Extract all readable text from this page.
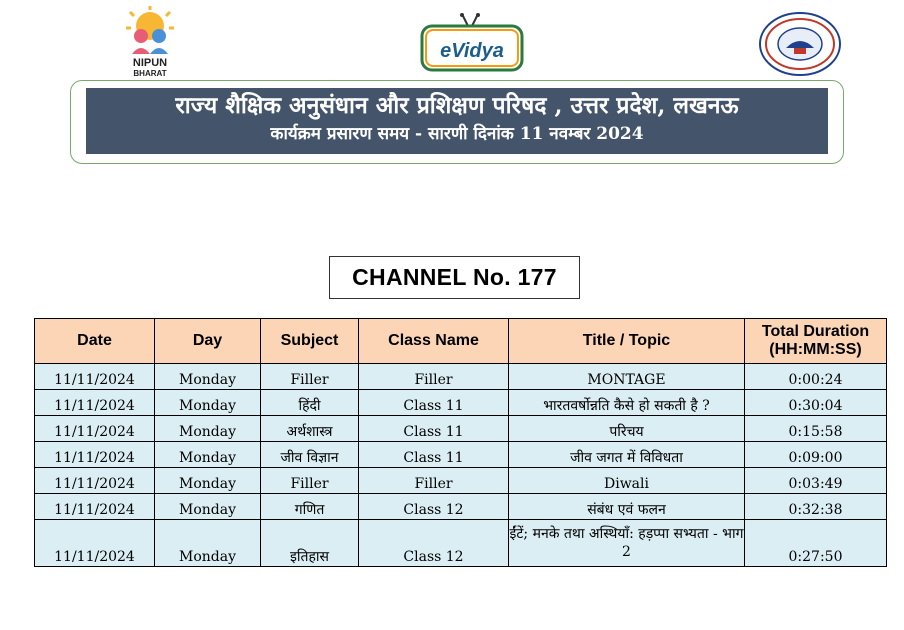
NIPUN
BHARAT
eVidya
राज्य शैक्षिक अनुसंधान और प्रशिक्षण परिषद , उत्तर प्रदेश, लखनऊ
कार्यक्रम प्रसारण समय - सारणी दिनांक 11 नवम्बर 2024
CHANNEL No. 177
Date	Day	Subject	Class Name	Title / Topic	Total Duration (HH:MM:SS)
11/11/2024	Monday	Filler	Filler	MONTAGE	0:00:24
11/11/2024	Monday	हिंदी	Class 11	भारतवर्षोन्नति कैसे हो सकती है ?	0:30:04
11/11/2024	Monday	अर्थशास्त्र	Class 11	परिचय	0:15:58
11/11/2024	Monday	जीव विज्ञान	Class 11	जीव जगत में विविधता	0:09:00
11/11/2024	Monday	Filler	Filler	Diwali	0:03:49
11/11/2024	Monday	गणित	Class 12	संबंध एवं फलन	0:32:38
11/11/2024	Monday	इतिहास	Class 12	ईंटें; मनके तथा अस्थियाँ: हड़प्पा सभ्यता - भाग 2	0:27:50
